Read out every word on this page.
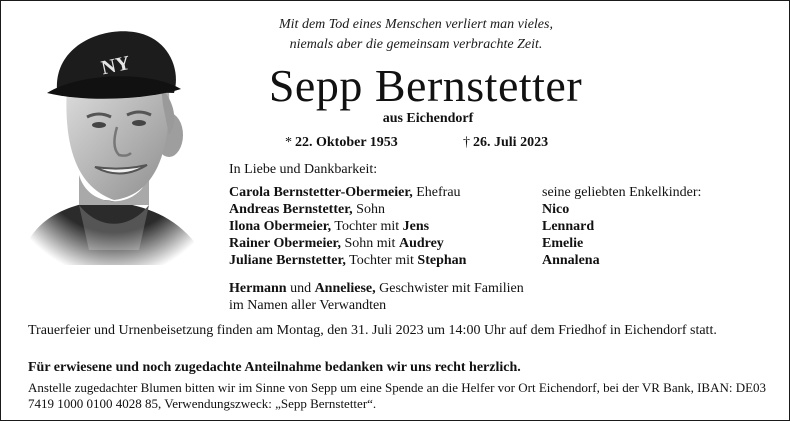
Mit dem Tod eines Menschen verliert man vieles,
niemals aber die gemeinsam verbrachte Zeit.
Sepp Bernstetter
aus Eichendorf
* 22. Oktober 1953	† 26. Juli 2023
In Liebe und Dankbarkeit:
Carola Bernstetter-Obermeier, Ehefrau
Andreas Bernstetter, Sohn
Ilona Obermeier, Tochter mit Jens
Rainer Obermeier, Sohn mit Audrey
Juliane Bernstetter, Tochter mit Stephan
seine geliebten Enkelkinder:
Nico
Lennard
Emelie
Annalena
Hermann und Anneliese, Geschwister mit Familien
im Namen aller Verwandten
Trauerfeier und Urnenbeisetzung finden am Montag, den 31. Juli 2023 um 14:00 Uhr auf dem Friedhof in Eichendorf statt.
Für erwiesene und noch zugedachte Anteilnahme bedanken wir uns recht herzlich.
Anstelle zugedachter Blumen bitten wir im Sinne von Sepp um eine Spende an die Helfer vor Ort Eichendorf, bei der VR Bank, IBAN: DE03 7419 1000 0100 4028 85, Verwendungszweck: „Sepp Bernstetter“.
